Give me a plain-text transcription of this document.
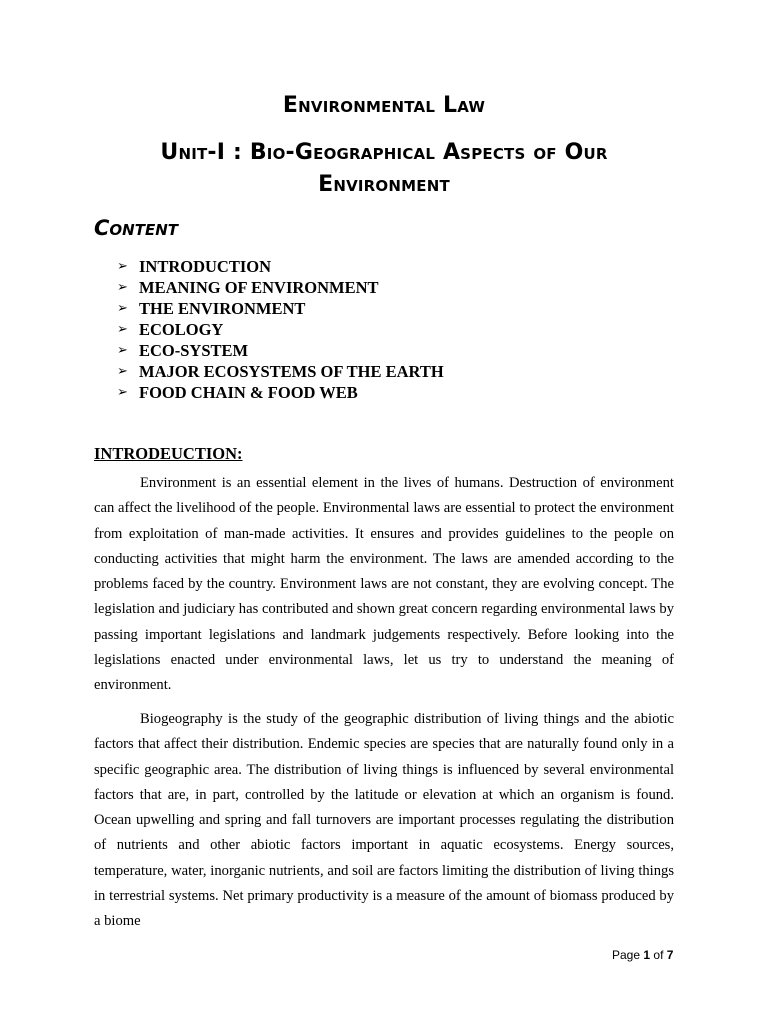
Environmental Law
Unit-I : Bio-Geographical Aspects of Our
Environment
Content
➢ INTRODUCTION
➢ MEANING OF ENVIRONMENT
➢ THE ENVIRONMENT
➢ ECOLOGY
➢ ECO-SYSTEM
➢ MAJOR ECOSYSTEMS OF THE EARTH
➢ FOOD CHAIN & FOOD WEB
INTRODEUCTION:

Environment is an essential element in the lives of humans. Destruction of environment can affect the livelihood of the people. Environmental laws are essential to protect the environment from exploitation of man-made activities. It ensures and provides guidelines to the people on conducting activities that might harm the environment. The laws are amended according to the problems faced by the country. Environment laws are not constant, they are evolving concept. The legislation and judiciary has contributed and shown great concern regarding environmental laws by passing important legislations and landmark judgements respectively. Before looking into the legislations enacted under environmental laws, let us try to understand the meaning of environment.

Biogeography is the study of the geographic distribution of living things and the abiotic factors that affect their distribution. Endemic species are species that are naturally found only in a specific geographic area. The distribution of living things is influenced by several environmental factors that are, in part, controlled by the latitude or elevation at which an organism is found. Ocean upwelling and spring and fall turnovers are important processes regulating the distribution of nutrients and other abiotic factors important in aquatic ecosystems. Energy sources, temperature, water, inorganic nutrients, and soil are factors limiting the distribution of living things in terrestrial systems. Net primary productivity is a measure of the amount of biomass produced by a biome

Page 1 of 7
